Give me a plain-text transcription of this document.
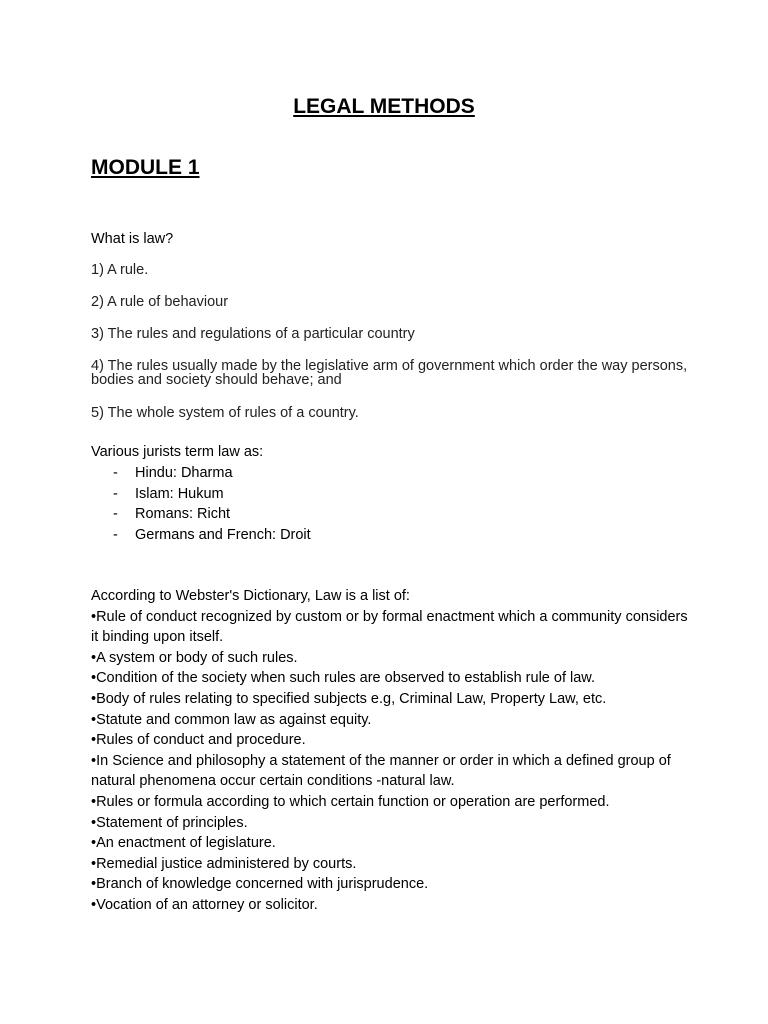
LEGAL METHODS
MODULE 1

What is law?

1) A rule.

2) A rule of behaviour

3) The rules and regulations of a particular country

4) The rules usually made by the legislative arm of government which order the way persons, bodies and society should behave; and

5) The whole system of rules of a country.

Various jurists term law as:

- Hindu: Dharma
- Islam: Hukum
- Romans: Richt
- Germans and French: Droit

According to Webster's Dictionary, Law is a list of:

•Rule of conduct recognized by custom or by formal enactment which a community considers it binding upon itself.

•A system or body of such rules.

•Condition of the society when such rules are observed to establish rule of law.

•Body of rules relating to specified subjects e.g, Criminal Law, Property Law, etc.

•Statute and common law as against equity.

•Rules of conduct and procedure.

•In Science and philosophy a statement of the manner or order in which a defined group of natural phenomena occur certain conditions -natural law.

•Rules or formula according to which certain function or operation are performed.

•Statement of principles.

•An enactment of legislature.

•Remedial justice administered by courts.

•Branch of knowledge concerned with jurisprudence.

•Vocation of an attorney or solicitor.
